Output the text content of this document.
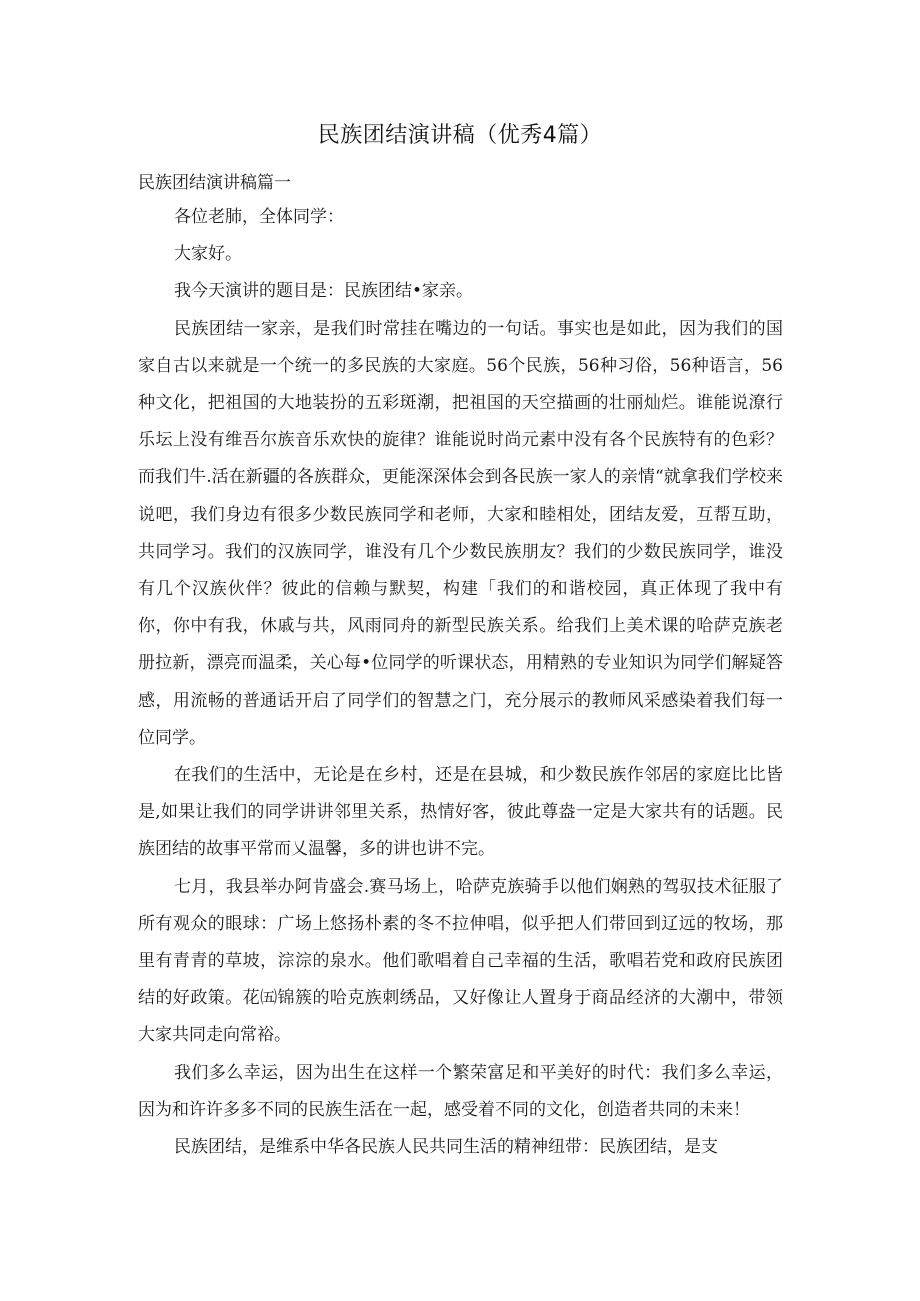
民族团结演讲稿（优秀4篇）

民族团结演讲稿篇一

各位老肺，全体同学：

大家好。

我今天演讲的题目是：民族团结•家亲。

民族团结一家亲，是我们时常挂在嘴边的一句话。事实也是如此，因为我们的国家自古以来就是一个统一的多民族的大家庭。56个民族，56种习俗，56种语言，56种文化，把祖国的大地装扮的五彩斑潮，把祖国的天空描画的壮丽灿烂。谁能说潦行乐坛上没有维吾尔族音乐欢快的旋律？谁能说时尚元素中没有各个民族特有的色彩？而我们牛.活在新疆的各族群众，更能深深体会到各民族一家人的亲情“就拿我们学校来说吧，我们身边有很多少数民族同学和老师，大家和睦相处，团结友爱，互帮互助，共同学习。我们的汉族同学，谁没有几个少数民族朋友？我们的少数民族同学，谁没有几个汉族伙伴？彼此的信赖与默契，构建「我们的和谐校园，真正体现了我中有你，你中有我，休戚与共，风雨同舟的新型民族关系。给我们上美术课的哈萨克族老册拉新，漂亮而温柔，关心每•位同学的听课状态，用精熟的专业知识为同学们解疑答感，用流畅的普通话开启了同学们的智慧之门，充分展示的教师风采感染着我们每一位同学。

在我们的生活中，无论是在乡村，还是在县城，和少数民族作邻居的家庭比比皆是,如果让我们的同学讲讲邻里关系，热情好客，彼此尊盎一定是大家共有的话题。民族团结的故事平常而乂温馨，多的讲也讲不完。

七月，我县举办阿肯盛会.赛马场上，哈萨克族骑手以他们娴熟的驾驭技术征服了所有观众的眼球：广场上悠扬朴素的冬不拉伸唱，似乎把人们带回到辽远的牧场，那里有青青的草坡，淙淙的泉水。他们歌唱着自己幸福的生活，歌唱若党和政府民族团结的好政策。花㈤锦簇的哈克族刺绣品，又好像让人置身于商品经济的大潮中，带领大家共同走向常裕。

我们多么幸运，因为出生在这样一个繁荣富足和平美好的时代：我们多么幸运，因为和许许多多不同的民族生活在一起，感受着不同的文化，创造者共同的未来！

民族团结，是维系中华各民族人民共同生活的精神纽带：民族团结，是支
